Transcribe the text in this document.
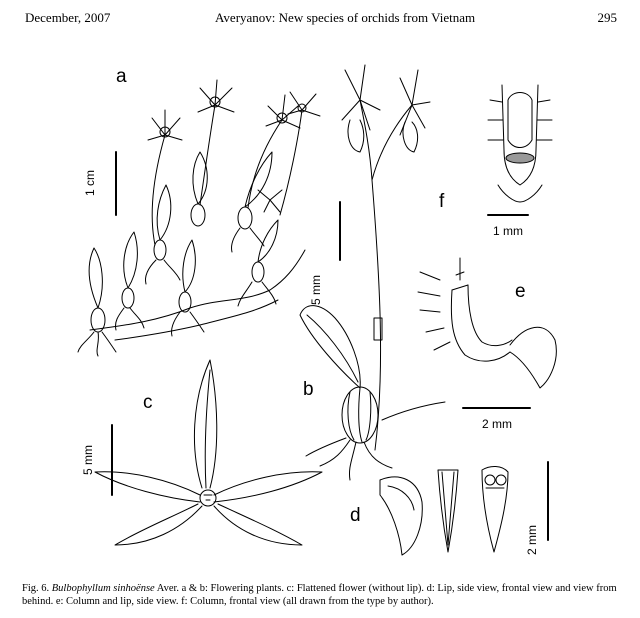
December, 2007	Averyanov: New species of orchids from Vietnam	295
a
b
c
d
e
f
1 cm
5 mm
5 mm
2 mm
2 mm
1 mm
Fig. 6. Bulbophyllum sinhoënse Aver. a & b: Flowering plants. c: Flattened flower (without lip). d: Lip, side view, frontal view and view from behind. e: Column and lip, side view. f: Column, frontal view (all drawn from the type by author).
